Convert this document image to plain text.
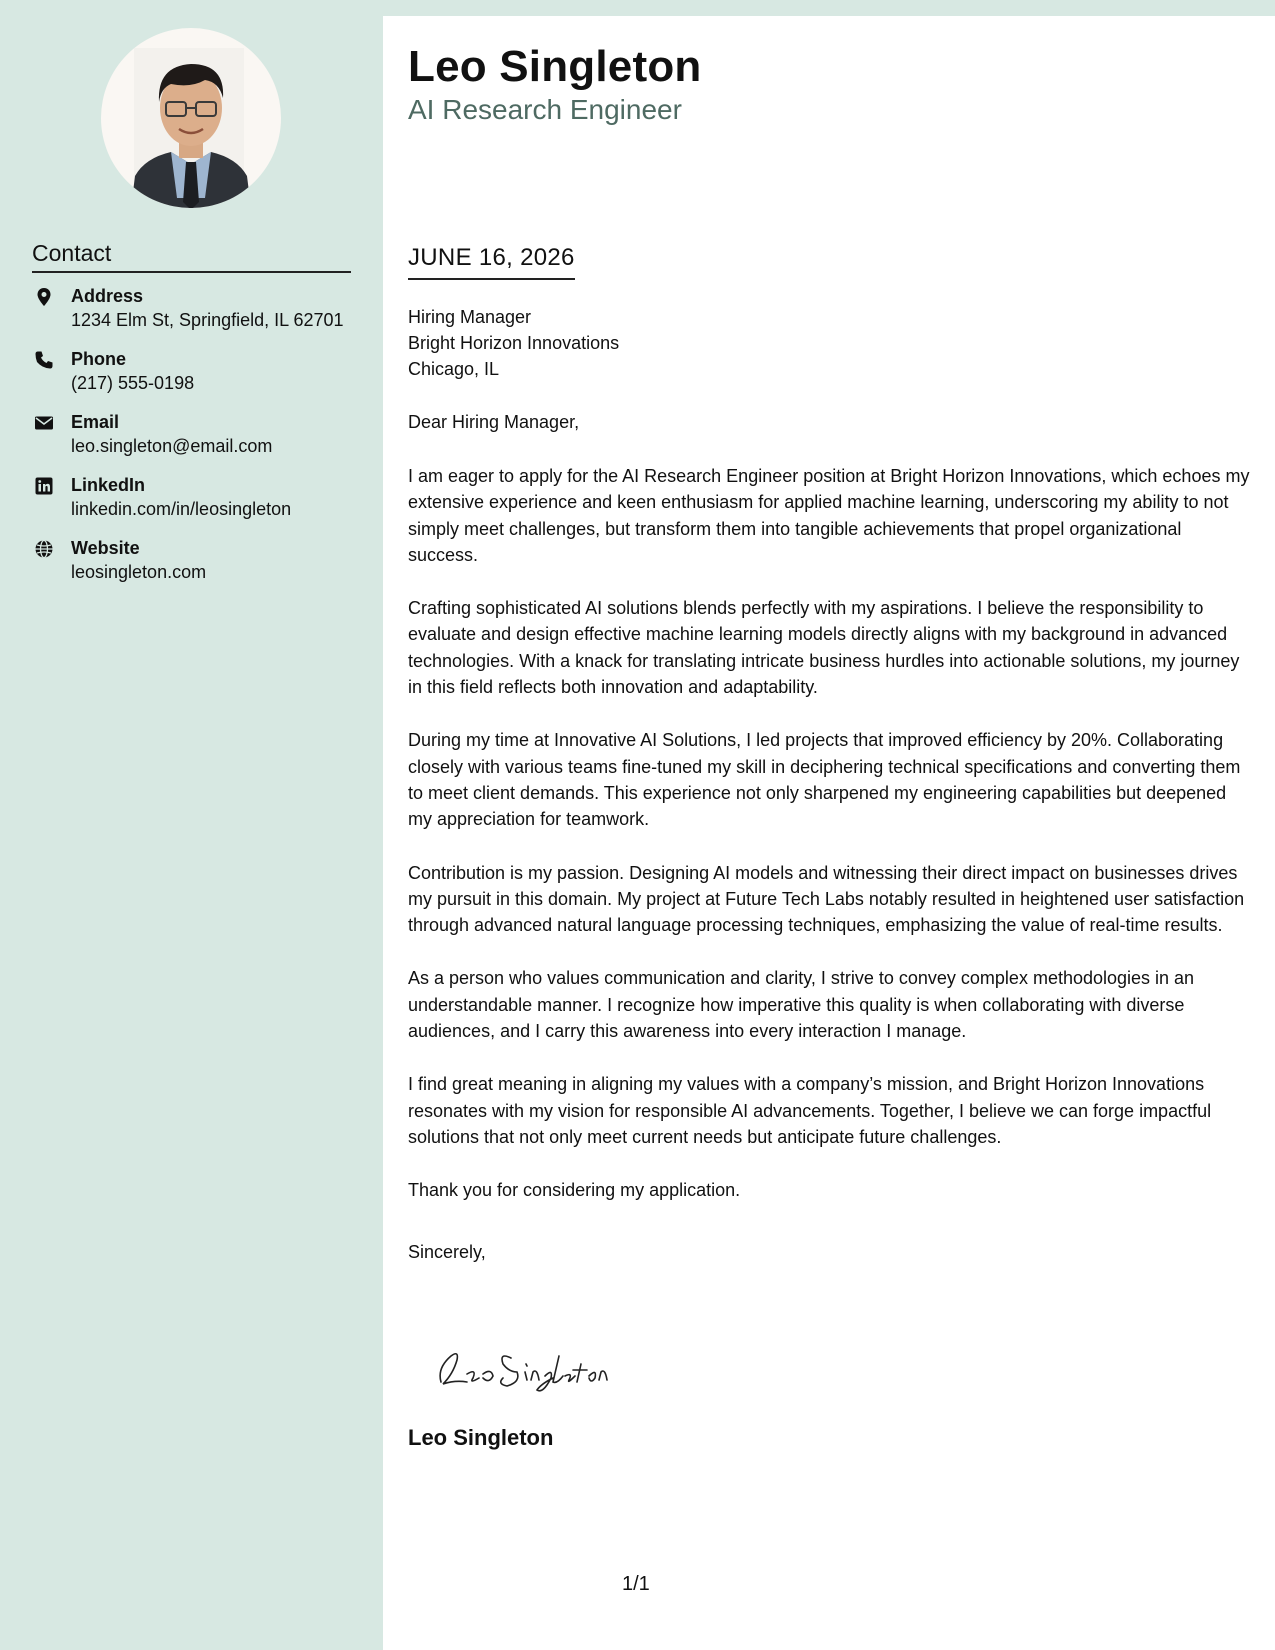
Contact
Address
1234 Elm St, Springfield, IL 62701
Phone
(217) 555-0198
Email
leo.singleton@email.com
LinkedIn
linkedin.com/in/leosingleton
Website
leosingleton.com
Leo Singleton
AI Research Engineer
JUNE 16, 2026
Hiring Manager
Bright Horizon Innovations
Chicago, IL
Dear Hiring Manager,

I am eager to apply for the AI Research Engineer position at Bright Horizon Innovations, which echoes my extensive experience and keen enthusiasm for applied machine learning, underscoring my ability to not simply meet challenges, but transform them into tangible achievements that propel organizational success.

Crafting sophisticated AI solutions blends perfectly with my aspirations. I believe the responsibility to evaluate and design effective machine learning models directly aligns with my background in advanced technologies. With a knack for translating intricate business hurdles into actionable solutions, my journey in this field reflects both innovation and adaptability.

During my time at Innovative AI Solutions, I led projects that improved efficiency by 20%. Collaborating closely with various teams fine-tuned my skill in deciphering technical specifications and converting them to meet client demands. This experience not only sharpened my engineering capabilities but deepened my appreciation for teamwork.

Contribution is my passion. Designing AI models and witnessing their direct impact on businesses drives my pursuit in this domain. My project at Future Tech Labs notably resulted in heightened user satisfaction through advanced natural language processing techniques, emphasizing the value of real-time results.

As a person who values communication and clarity, I strive to convey complex methodologies in an understandable manner. I recognize how imperative this quality is when collaborating with diverse audiences, and I carry this awareness into every interaction I manage.

I find great meaning in aligning my values with a company’s mission, and Bright Horizon Innovations resonates with my vision for responsible AI advancements. Together, I believe we can forge impactful solutions that not only meet current needs but anticipate future challenges.

Thank you for considering my application.

Sincerely,
Leo Singleton
1/1
